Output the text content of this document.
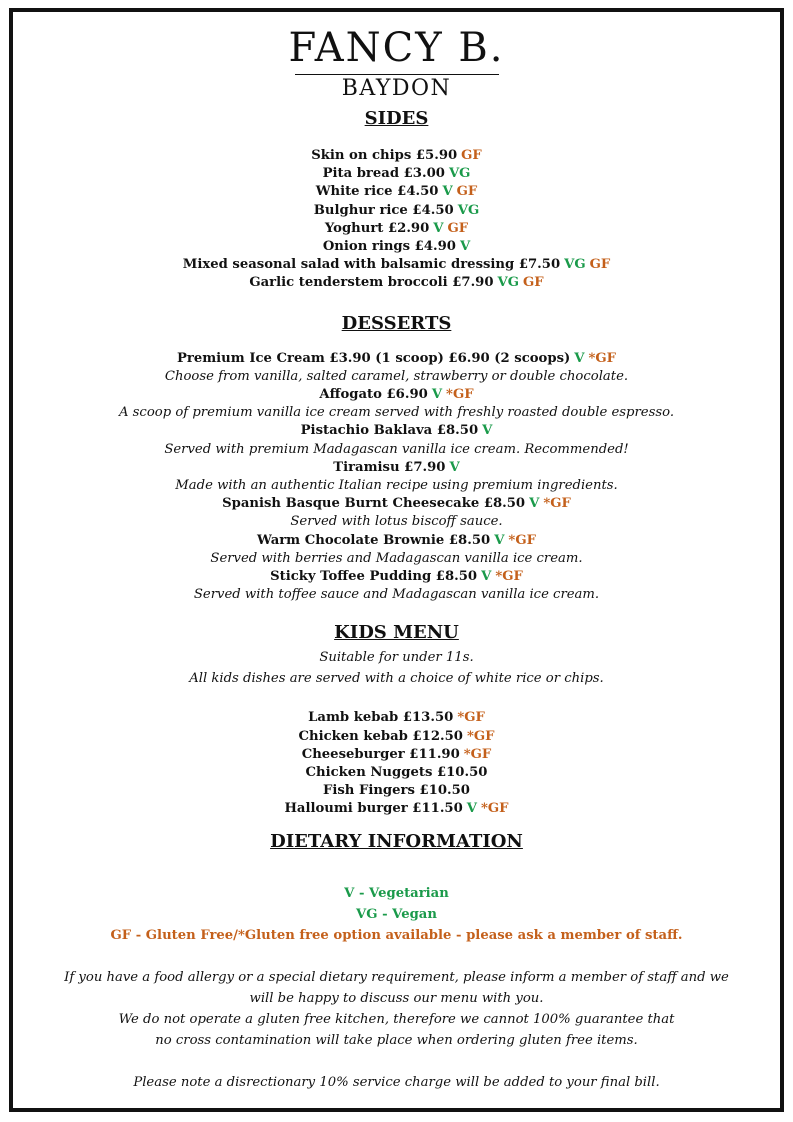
FANCY B.
BAYDON
SIDES
Skin on chips £5.90 GF
Pita bread £3.00 VG
White rice £4.50 V GF
Bulghur rice £4.50 VG
Yoghurt £2.90 V GF
Onion rings £4.90 V
Mixed seasonal salad with balsamic dressing £7.50 VG GF
Garlic tenderstem broccoli £7.90 VG GF
DESSERTS
Premium Ice Cream £3.90 (1 scoop) £6.90 (2 scoops) V *GF
Choose from vanilla, salted caramel, strawberry or double chocolate.
Affogato £6.90 V *GF
A scoop of premium vanilla ice cream served with freshly roasted double espresso.
Pistachio Baklava £8.50 V
Served with premium Madagascan vanilla ice cream. Recommended!
Tiramisu £7.90 V
Made with an authentic Italian recipe using premium ingredients.
Spanish Basque Burnt Cheesecake £8.50 V *GF
Served with lotus biscoff sauce.
Warm Chocolate Brownie £8.50 V *GF
Served with berries and Madagascan vanilla ice cream.
Sticky Toffee Pudding £8.50 V *GF
Served with toffee sauce and Madagascan vanilla ice cream.
KIDS MENU
Suitable for under 11s.
All kids dishes are served with a choice of white rice or chips.
Lamb kebab £13.50 *GF
Chicken kebab £12.50 *GF
Cheeseburger £11.90 *GF
Chicken Nuggets £10.50
Fish Fingers £10.50
Halloumi burger £11.50 V *GF
DIETARY INFORMATION
V - Vegetarian
VG - Vegan
GF - Gluten Free/*Gluten free option available - please ask a member of staff.
If you have a food allergy or a special dietary requirement, please inform a member of staff and we
will be happy to discuss our menu with you.
We do not operate a gluten free kitchen, therefore we cannot 100% guarantee that
no cross contamination will take place when ordering gluten free items.
Please note a disrectionary 10% service charge will be added to your final bill.
